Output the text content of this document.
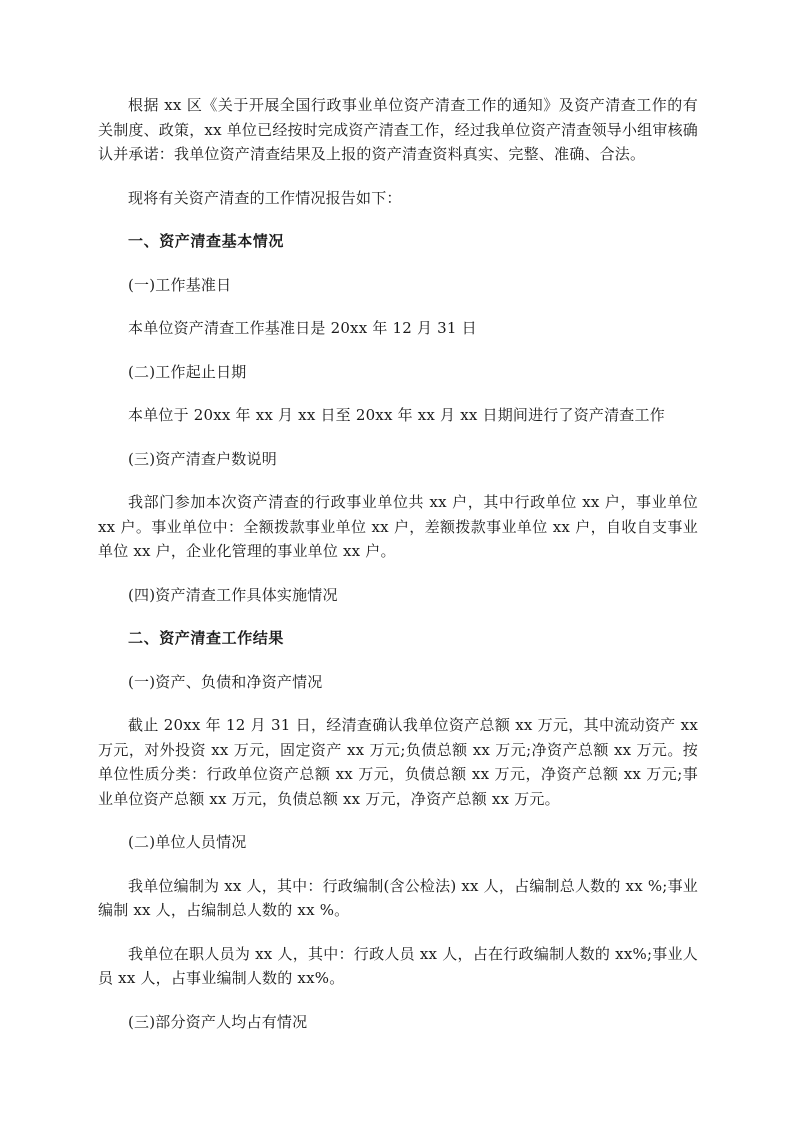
根据 xx 区《关于开展全国行政事业单位资产清查工作的通知》及资产清查工作的有关制度、政策，xx 单位已经按时完成资产清查工作，经过我单位资产清查领导小组审核确认并承诺：我单位资产清查结果及上报的资产清查资料真实、完整、准确、合法。

现将有关资产清查的工作情况报告如下：

一、资产清查基本情况

(一)工作基准日

本单位资产清查工作基准日是 20xx 年 12 月 31 日

(二)工作起止日期

本单位于 20xx 年 xx 月 xx 日至 20xx 年 xx 月 xx 日期间进行了资产清查工作

(三)资产清查户数说明

我部门参加本次资产清查的行政事业单位共 xx 户，其中行政单位 xx 户，事业单位 xx 户。事业单位中：全额拨款事业单位 xx 户，差额拨款事业单位 xx 户，自收自支事业单位 xx 户，企业化管理的事业单位 xx 户。

(四)资产清查工作具体实施情况

二、资产清查工作结果

(一)资产、负债和净资产情况

截止 20xx 年 12 月 31 日，经清查确认我单位资产总额 xx 万元，其中流动资产 xx 万元，对外投资 xx 万元，固定资产 xx 万元;负债总额 xx 万元;净资产总额 xx 万元。按单位性质分类：行政单位资产总额 xx 万元，负债总额 xx 万元，净资产总额 xx 万元;事业单位资产总额 xx 万元，负债总额 xx 万元，净资产总额 xx 万元。

(二)单位人员情况

我单位编制为 xx 人，其中：行政编制(含公检法) xx 人，占编制总人数的 xx %;事业编制 xx 人，占编制总人数的 xx %。

我单位在职人员为 xx 人，其中：行政人员 xx 人，占在行政编制人数的 xx%;事业人员 xx 人，占事业编制人数的 xx%。

(三)部分资产人均占有情况
